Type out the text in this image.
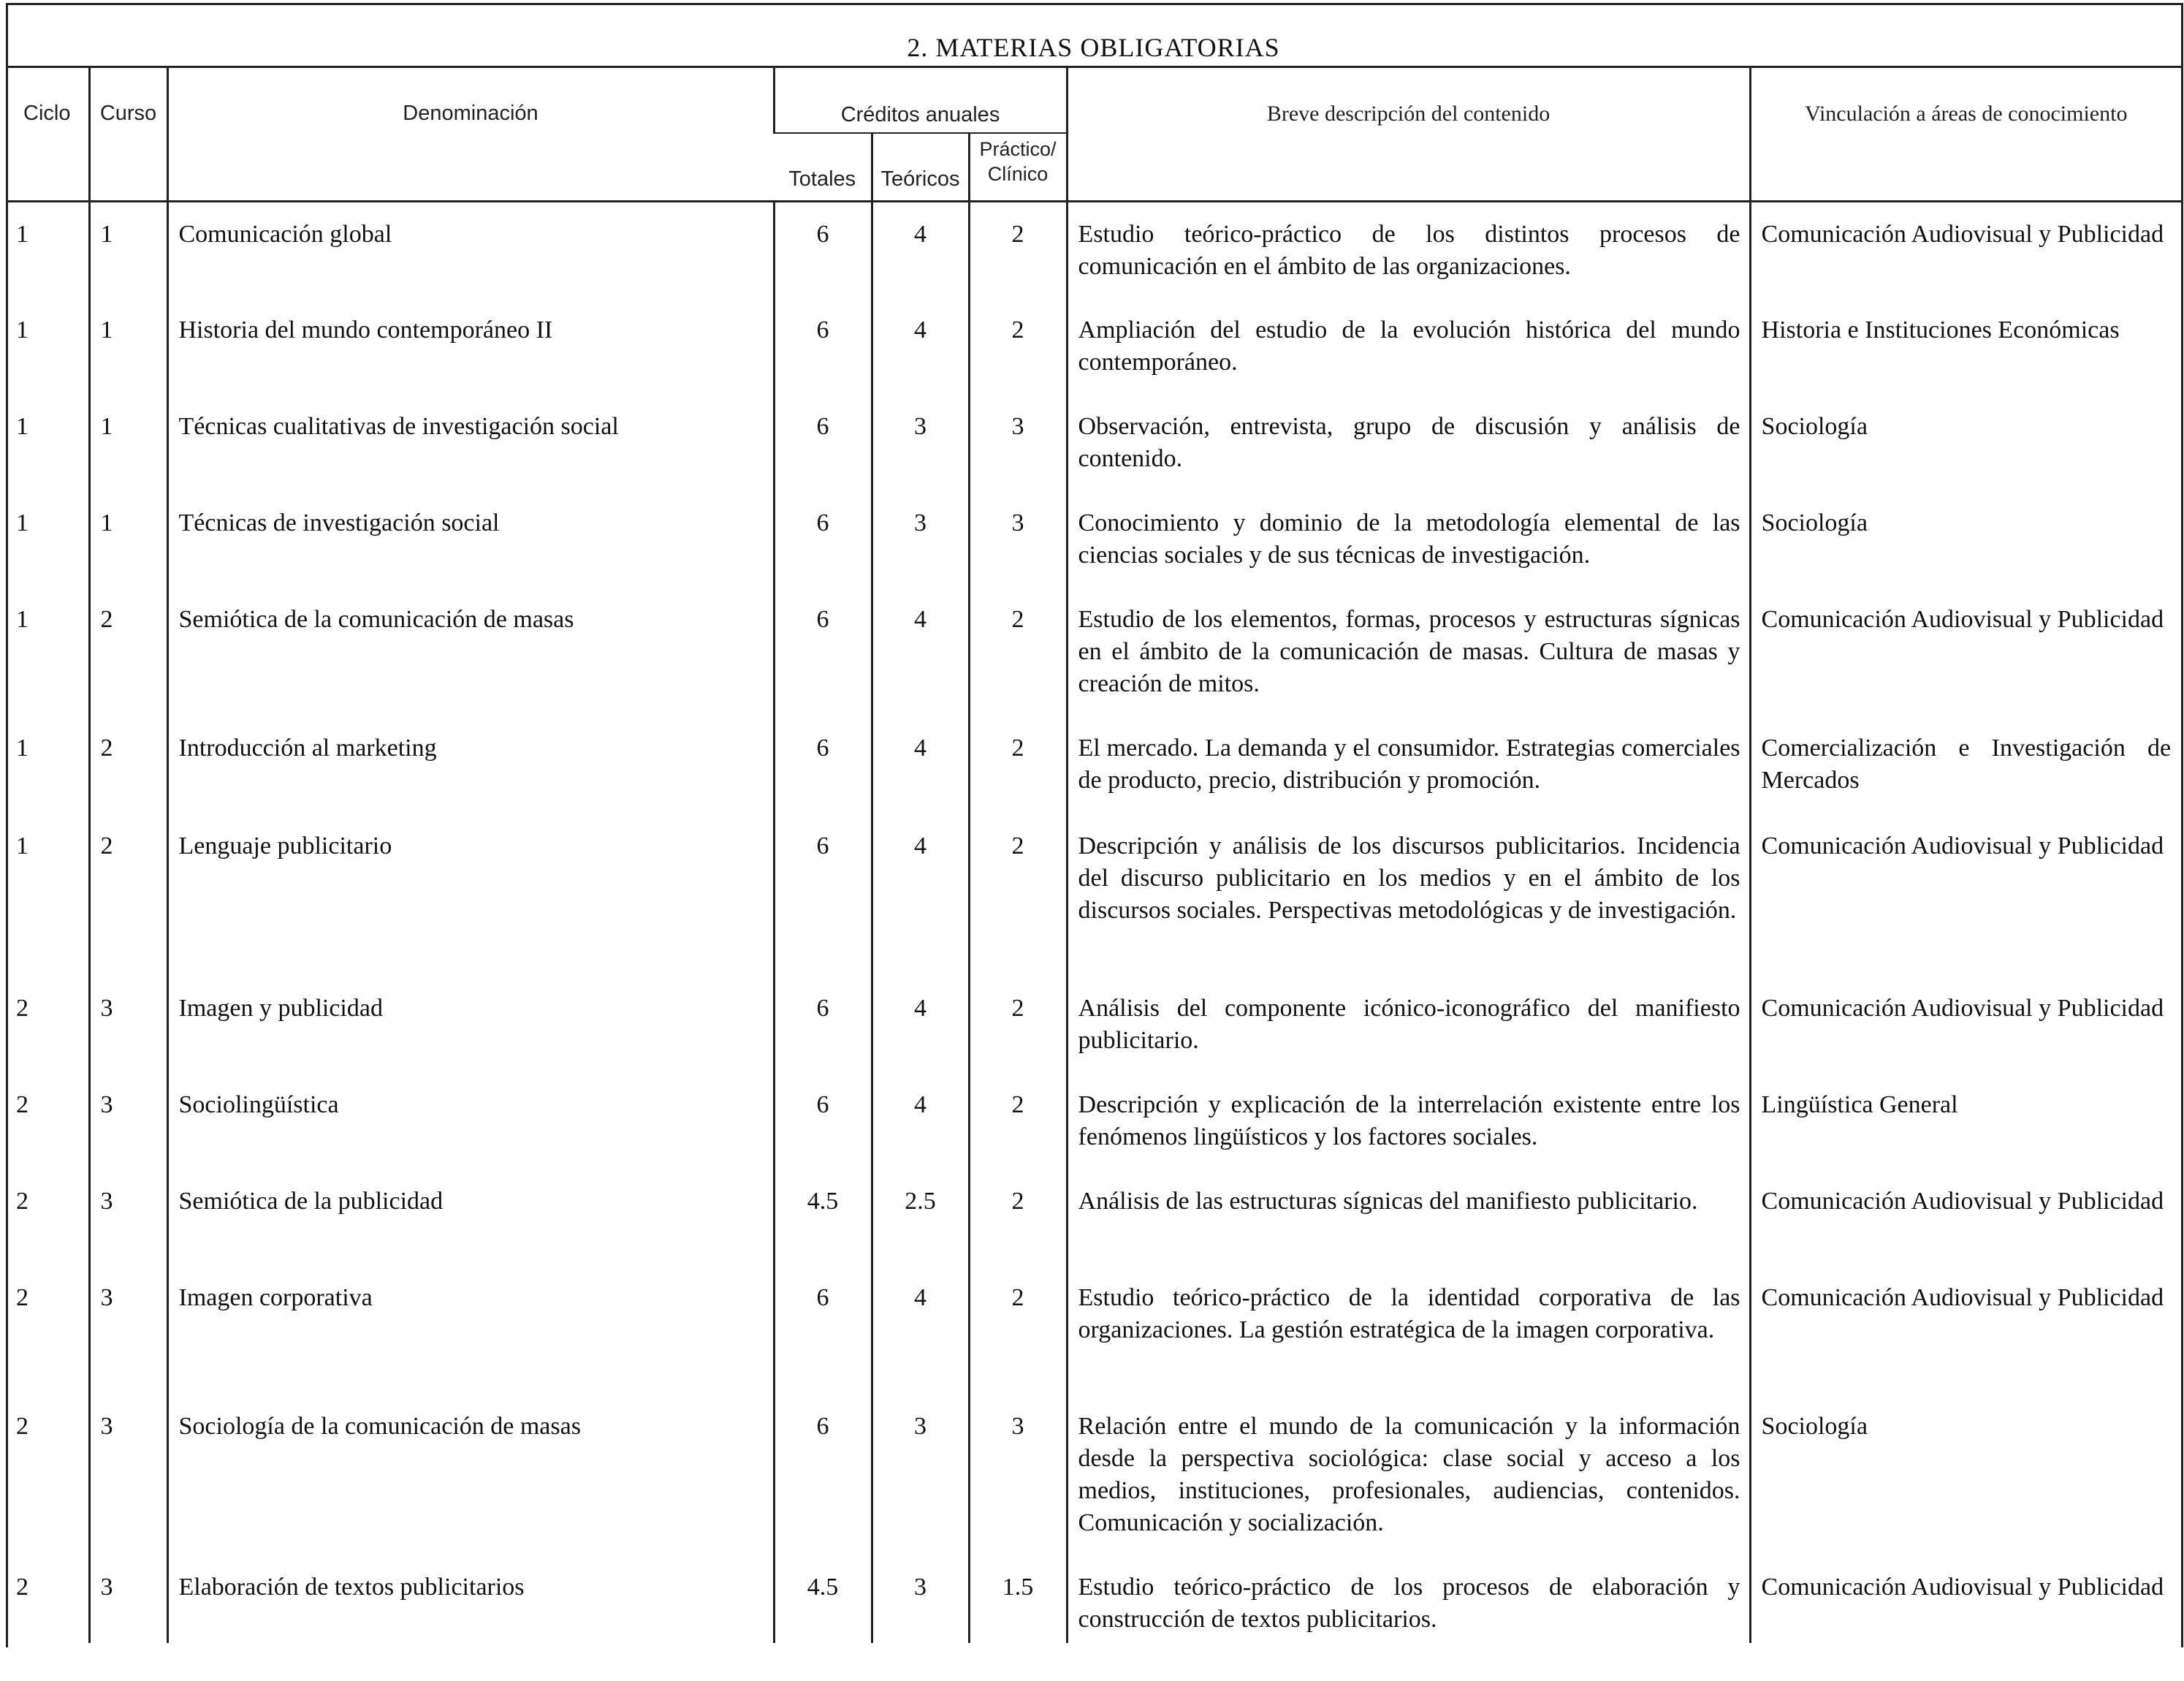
2. MATERIAS OBLIGATORIAS
Ciclo	Curso	Denominación	Créditos anuales			Breve descripción del contenido	Vinculación a áreas de conocimiento
			Totales	Teóricos	Práctico/
Clínico		
1	1	Comunicación global	6	4	2	Estudio teórico-práctico de los distintos procesos de comunicación en el ámbito de las organizaciones.	Comunicación Audiovisual y Publicidad
1	1	Historia del mundo contemporáneo II	6	4	2	Ampliación del estudio de la evolución histórica del mundo contemporáneo.	Historia e Instituciones Económicas
1	1	Técnicas cualitativas de investigación social	6	3	3	Observación, entrevista, grupo de discusión y análisis de contenido.	Sociología
1	1	Técnicas de investigación social	6	3	3	Conocimiento y dominio de la metodología elemental de las ciencias sociales y de sus técnicas de investigación.	Sociología
1	2	Semiótica de la comunicación de masas	6	4	2	Estudio de los elementos, formas, procesos y estructuras sígnicas en el ámbito de la comunicación de masas. Cultura de masas y creación de mitos.	Comunicación Audiovisual y Publicidad
1	2	Introducción al marketing	6	4	2	El mercado. La demanda y el consumidor. Estrategias comerciales de producto, precio, distribución y promoción.	Comercialización e Investigación de Mercados
1	2	Lenguaje publicitario	6	4	2	Descripción y análisis de los discursos publicitarios. Incidencia del discurso publicitario en los medios y en el ámbito de los discursos sociales. Perspectivas metodológicas y de investigación.	Comunicación Audiovisual y Publicidad
2	3	Imagen y publicidad	6	4	2	Análisis del componente icónico-iconográfico del manifiesto publicitario.	Comunicación Audiovisual y Publicidad
2	3	Sociolingüística	6	4	2	Descripción y explicación de la interrelación existente entre los fenómenos lingüísticos y los factores sociales.	Lingüística General
2	3	Semiótica de la publicidad	4.5	2.5	2	Análisis de las estructuras sígnicas del manifiesto publicitario.	Comunicación Audiovisual y Publicidad
2	3	Imagen corporativa	6	4	2	Estudio teórico-práctico de la identidad corporativa de las organizaciones. La gestión estratégica de la imagen corporativa.	Comunicación Audiovisual y Publicidad
2	3	Sociología de la comunicación de masas	6	3	3	Relación entre el mundo de la comunicación y la información desde la perspectiva sociológica: clase social y acceso a los medios, instituciones, profesionales, audiencias, contenidos. Comunicación y socialización.	Sociología
2	3	Elaboración de textos publicitarios	4.5	3	1.5	Estudio teórico-práctico de los procesos de elaboración y construcción de textos publicitarios.	Comunicación Audiovisual y Publicidad
